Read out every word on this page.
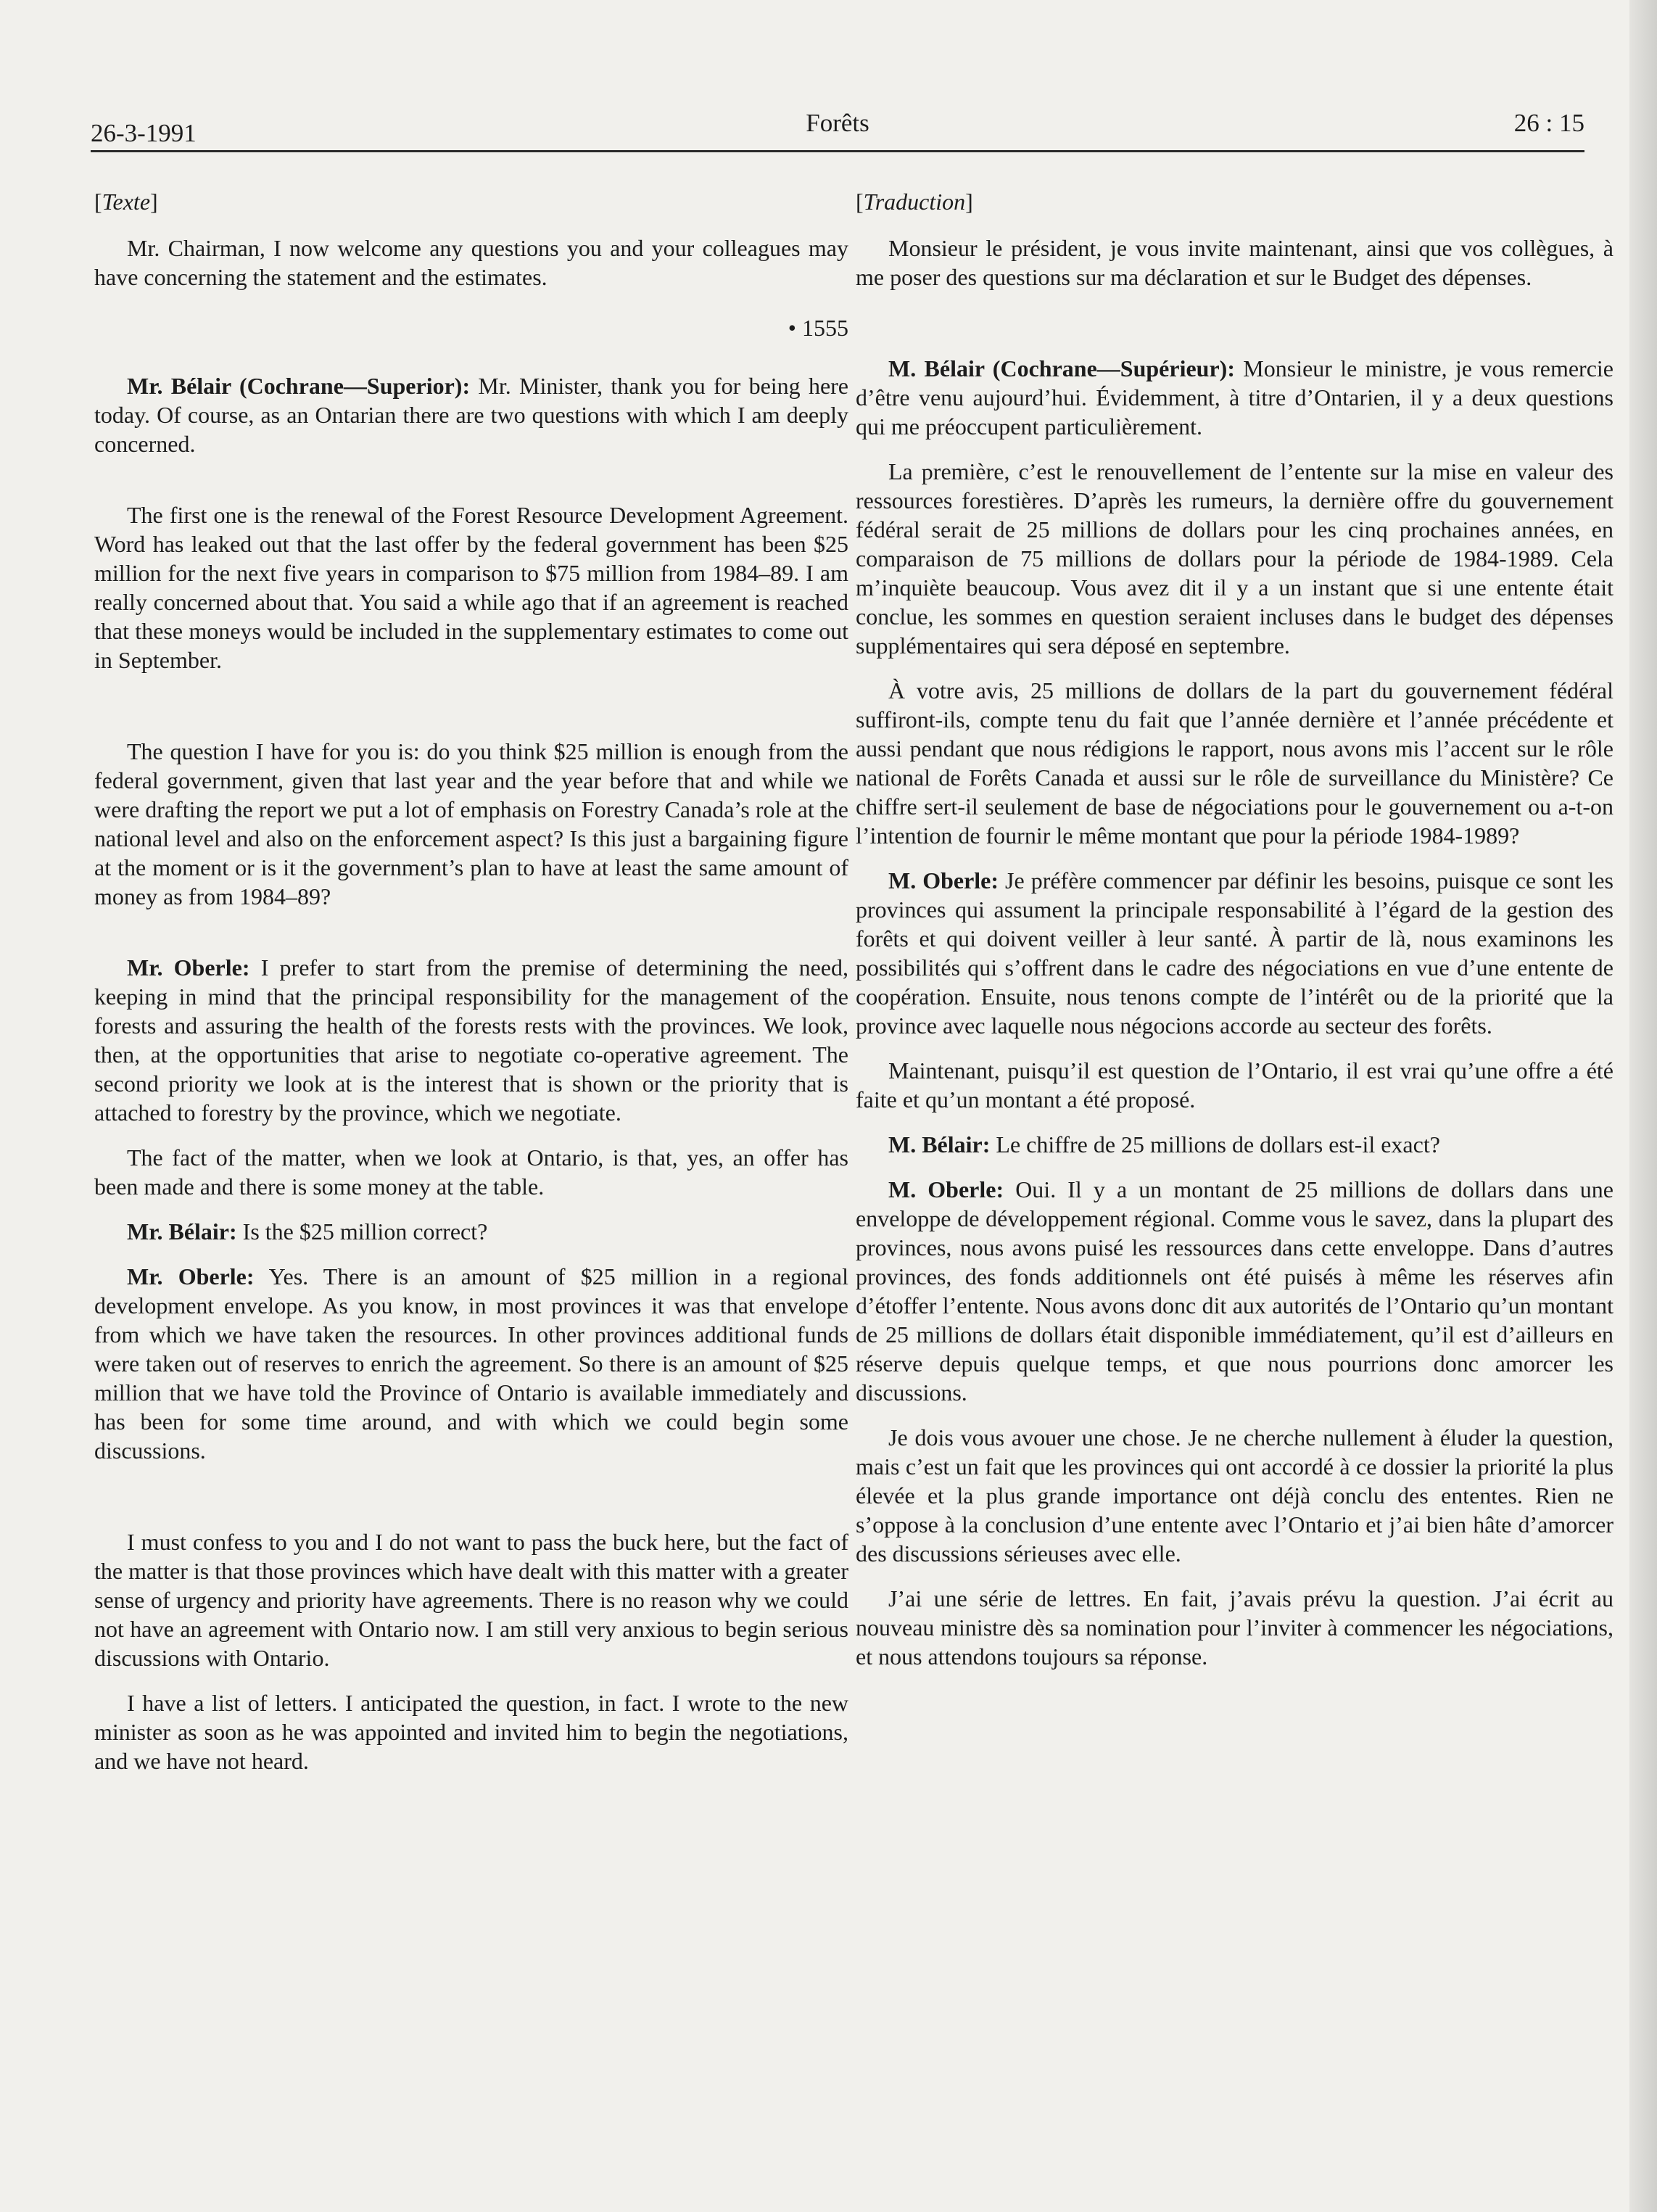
26-3-1991	Forêts	26 : 15

[Texte]

Mr. Chairman, I now welcome any questions you and your colleagues may have concerning the statement and the estimates.

• 1555

Mr. Bélair (Cochrane—Superior): Mr. Minister, thank you for being here today. Of course, as an Ontarian there are two questions with which I am deeply concerned.

The first one is the renewal of the Forest Resource Development Agreement. Word has leaked out that the last offer by the federal government has been $25 million for the next five years in comparison to $75 million from 1984–89. I am really concerned about that. You said a while ago that if an agreement is reached that these moneys would be included in the supplementary estimates to come out in September.

The question I have for you is: do you think $25 million is enough from the federal government, given that last year and the year before that and while we were drafting the report we put a lot of emphasis on Forestry Canada’s role at the national level and also on the enforcement aspect? Is this just a bargaining figure at the moment or is it the government’s plan to have at least the same amount of money as from 1984–89?

Mr. Oberle: I prefer to start from the premise of determining the need, keeping in mind that the principal responsibility for the management of the forests and assuring the health of the forests rests with the provinces. We look, then, at the opportunities that arise to negotiate co-operative agreement. The second priority we look at is the interest that is shown or the priority that is attached to forestry by the province, which we negotiate.

The fact of the matter, when we look at Ontario, is that, yes, an offer has been made and there is some money at the table.

Mr. Bélair: Is the $25 million correct?

Mr. Oberle: Yes. There is an amount of $25 million in a regional development envelope. As you know, in most provinces it was that envelope from which we have taken the resources. In other provinces additional funds were taken out of reserves to enrich the agreement. So there is an amount of $25 million that we have told the Province of Ontario is available immediately and has been for some time around, and with which we could begin some discussions.

I must confess to you and I do not want to pass the buck here, but the fact of the matter is that those provinces which have dealt with this matter with a greater sense of urgency and priority have agreements. There is no reason why we could not have an agreement with Ontario now. I am still very anxious to begin serious discussions with Ontario.

I have a list of letters. I anticipated the question, in fact. I wrote to the new minister as soon as he was appointed and invited him to begin the negotiations, and we have not heard.

[Traduction]

Monsieur le président, je vous invite maintenant, ainsi que vos collègues, à me poser des questions sur ma déclaration et sur le Budget des dépenses.

M. Bélair (Cochrane—Supérieur): Monsieur le ministre, je vous remercie d’être venu aujourd’hui. Évidemment, à titre d’Ontarien, il y a deux questions qui me préoccupent particulièrement.

La première, c’est le renouvellement de l’entente sur la mise en valeur des ressources forestières. D’après les rumeurs, la dernière offre du gouvernement fédéral serait de 25 millions de dollars pour les cinq prochaines années, en comparaison de 75 millions de dollars pour la période de 1984-1989. Cela m’inquiète beaucoup. Vous avez dit il y a un instant que si une entente était conclue, les sommes en question seraient incluses dans le budget des dépenses supplémentaires qui sera déposé en septembre.

À votre avis, 25 millions de dollars de la part du gouvernement fédéral suffiront-ils, compte tenu du fait que l’année dernière et l’année précédente et aussi pendant que nous rédigions le rapport, nous avons mis l’accent sur le rôle national de Forêts Canada et aussi sur le rôle de surveillance du Ministère? Ce chiffre sert-il seulement de base de négociations pour le gouvernement ou a-t-on l’intention de fournir le même montant que pour la période 1984-1989?

M. Oberle: Je préfère commencer par définir les besoins, puisque ce sont les provinces qui assument la principale responsabilité à l’égard de la gestion des forêts et qui doivent veiller à leur santé. À partir de là, nous examinons les possibilités qui s’offrent dans le cadre des négociations en vue d’une entente de coopération. Ensuite, nous tenons compte de l’intérêt ou de la priorité que la province avec laquelle nous négocions accorde au secteur des forêts.

Maintenant, puisqu’il est question de l’Ontario, il est vrai qu’une offre a été faite et qu’un montant a été proposé.

M. Bélair: Le chiffre de 25 millions de dollars est-il exact?

M. Oberle: Oui. Il y a un montant de 25 millions de dollars dans une enveloppe de développement régional. Comme vous le savez, dans la plupart des provinces, nous avons puisé les ressources dans cette enveloppe. Dans d’autres provinces, des fonds additionnels ont été puisés à même les réserves afin d’étoffer l’entente. Nous avons donc dit aux autorités de l’Ontario qu’un montant de 25 millions de dollars était disponible immédiatement, qu’il est d’ailleurs en réserve depuis quelque temps, et que nous pourrions donc amorcer les discussions.

Je dois vous avouer une chose. Je ne cherche nullement à éluder la question, mais c’est un fait que les provinces qui ont accordé à ce dossier la priorité la plus élevée et la plus grande importance ont déjà conclu des ententes. Rien ne s’oppose à la conclusion d’une entente avec l’Ontario et j’ai bien hâte d’amorcer des discussions sérieuses avec elle.

J’ai une série de lettres. En fait, j’avais prévu la question. J’ai écrit au nouveau ministre dès sa nomination pour l’inviter à commencer les négociations, et nous attendons toujours sa réponse.
